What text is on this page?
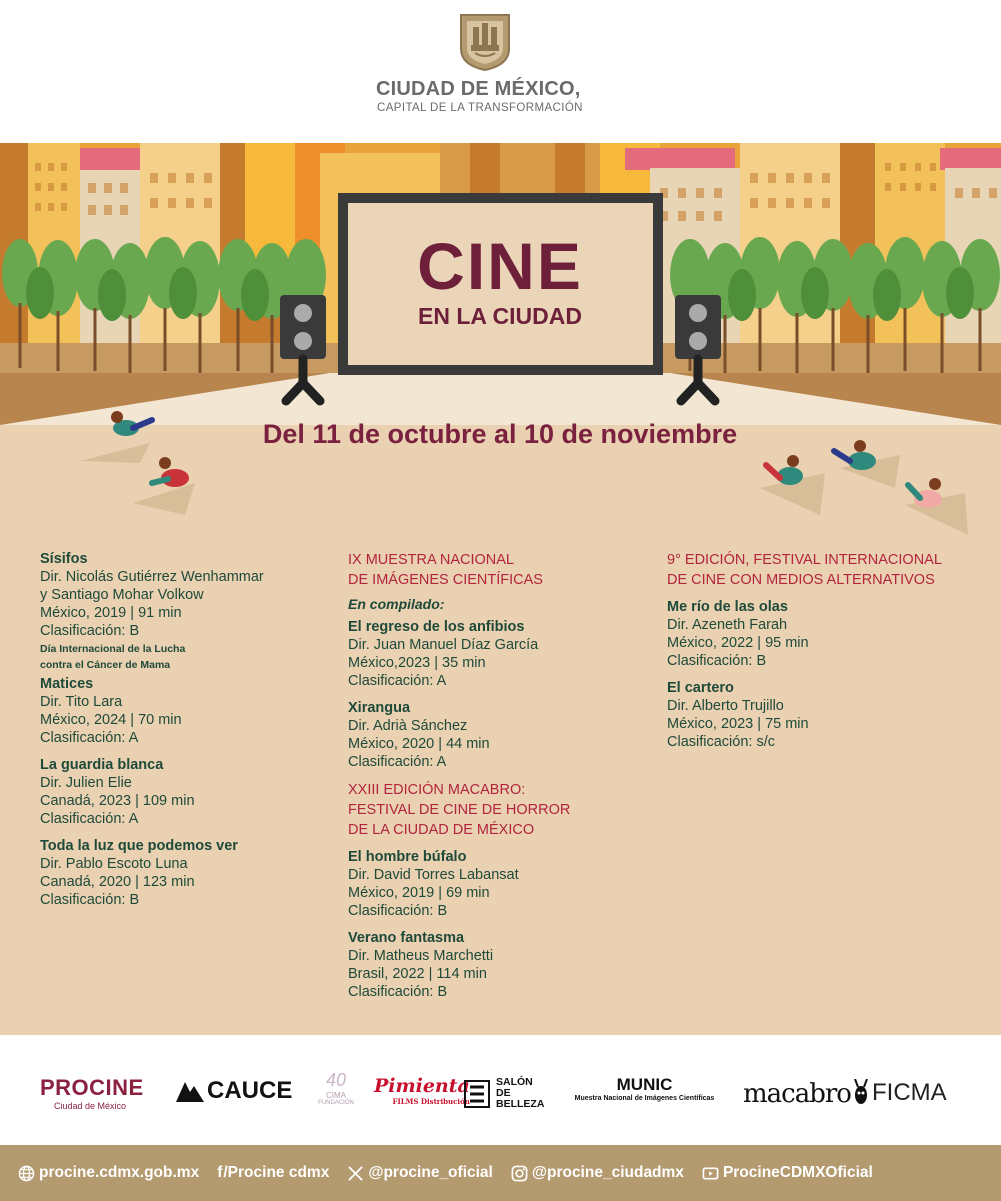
CIUDAD DE MÉXICO,
CAPITAL DE LA TRANSFORMACIÓN
CINE
EN LA CIUDAD
Del 11 de octubre al 10 de noviembre
Sísifos
Dir. Nicolás Gutiérrez Wenhammar
y Santiago Mohar Volkow
México, 2019 | 91 min
Clasificación: B
Día Internacional de la Lucha
contra el Cáncer de Mama
Matices
Dir. Tito Lara
México, 2024 | 70 min
Clasificación: A
La guardia blanca
Dir. Julien Elie
Canadá, 2023 | 109 min
Clasificación: A
Toda la luz que podemos ver
Dir. Pablo Escoto Luna
Canadá, 2020 | 123 min
Clasificación: B
IX MUESTRA NACIONAL
DE IMÁGENES CIENTÍFICAS
En compilado:
El regreso de los anfibios
Dir. Juan Manuel Díaz García
México,2023 | 35 min
Clasificación: A
Xirangua
Dir. Adrià Sánchez
México, 2020 | 44 min
Clasificación: A
XXIII EDICIÓN MACABRO:
FESTIVAL DE CINE DE HORROR
DE LA CIUDAD DE MÉXICO
El hombre búfalo
Dir. David Torres Labansat
México, 2019 | 69 min
Clasificación: B
Verano fantasma
Dir. Matheus Marchetti
Brasil, 2022 | 114 min
Clasificación: B
9° EDICIÓN, FESTIVAL INTERNACIONAL
DE CINE CON MEDIOS ALTERNATIVOS
Me río de las olas
Dir. Azeneth Farah
México, 2022 | 95 min
Clasificación: B
El cartero
Dir. Alberto Trujillo
México, 2023 | 75 min
Clasificación: s/c
PROCINE
Ciudad de México
CAUCE	40
CIMA
FUNDACIÓN
Pimienta
FILMS Distribución
SALÓN
DE
BELLEZA
MUNIC
Muestra Nacional de Imágenes Científicas	macabro FICMA
procine.cdmx.gob.mx f /Procine cdmx	@procine_oficial	@procine_ciudadmx	ProcineCDMXOficial
